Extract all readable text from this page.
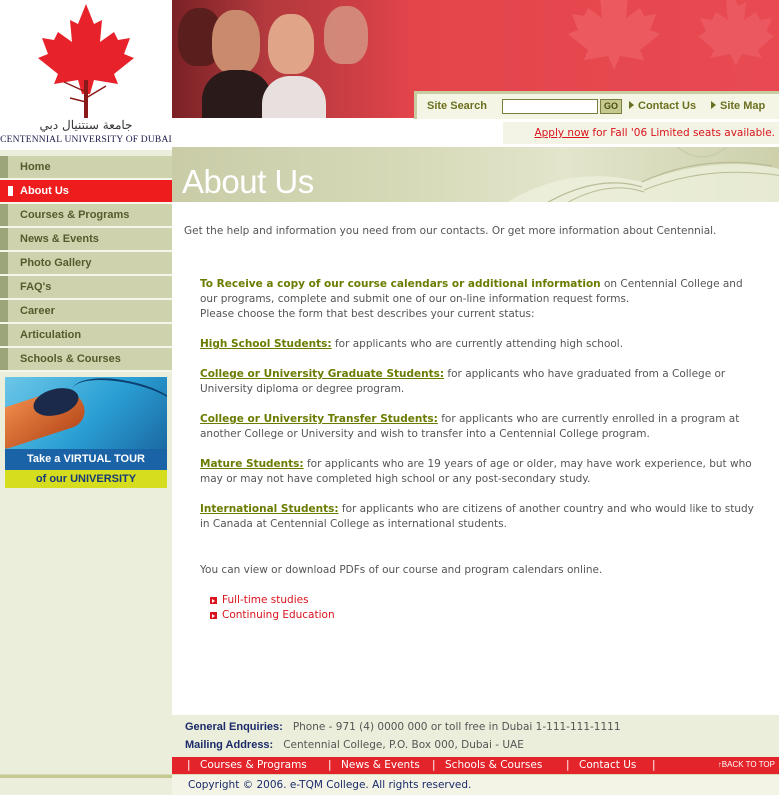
جامعة سنتنيال دبي
CENTENNIAL UNIVERSITY OF DUBAI
Home
About Us
Courses & Programs
News & Events
Photo Gallery
FAQ's
Career
Articulation
Schools & Courses
Take a VIRTUAL TOUR
of our UNIVERSITY
Site Search	GO	Contact Us	Site Map
Apply now for Fall '06 Limited seats available.
About Us
Get the help and information you need from our contacts. Or get more information about Centennial.
To Receive a copy of our course calendars or additional information on Centennial College and our programs, complete and submit one of our on-line information request forms.
Please choose the form that best describes your current status:
High School Students: for applicants who are currently attending high school.
College or University Graduate Students: for applicants who have graduated from a College or University diploma or degree program.
College or University Transfer Students: for applicants who are currently enrolled in a program at another College or University and wish to transfer into a Centennial College program.
Mature Students: for applicants who are 19 years of age or older, may have work experience, but who may or may not have completed high school or any post-secondary study.
International Students: for applicants who are citizens of another country and who would like to study in Canada at Centennial College as international students.
You can view or download PDFs of our course and program calendars online.
Full-time studies
Continuing Education
General Enquiries: Phone - 971 (4) 0000 000 or toll free in Dubai 1-111-111-1111
Mailing Address: Centennial College, P.O. Box 000, Dubai - UAE
| Courses & Programs | News & Events | Schools & Courses | Contact Us |	↑BACK TO TOP
Copyright © 2006. e-TQM College. All rights reserved.
